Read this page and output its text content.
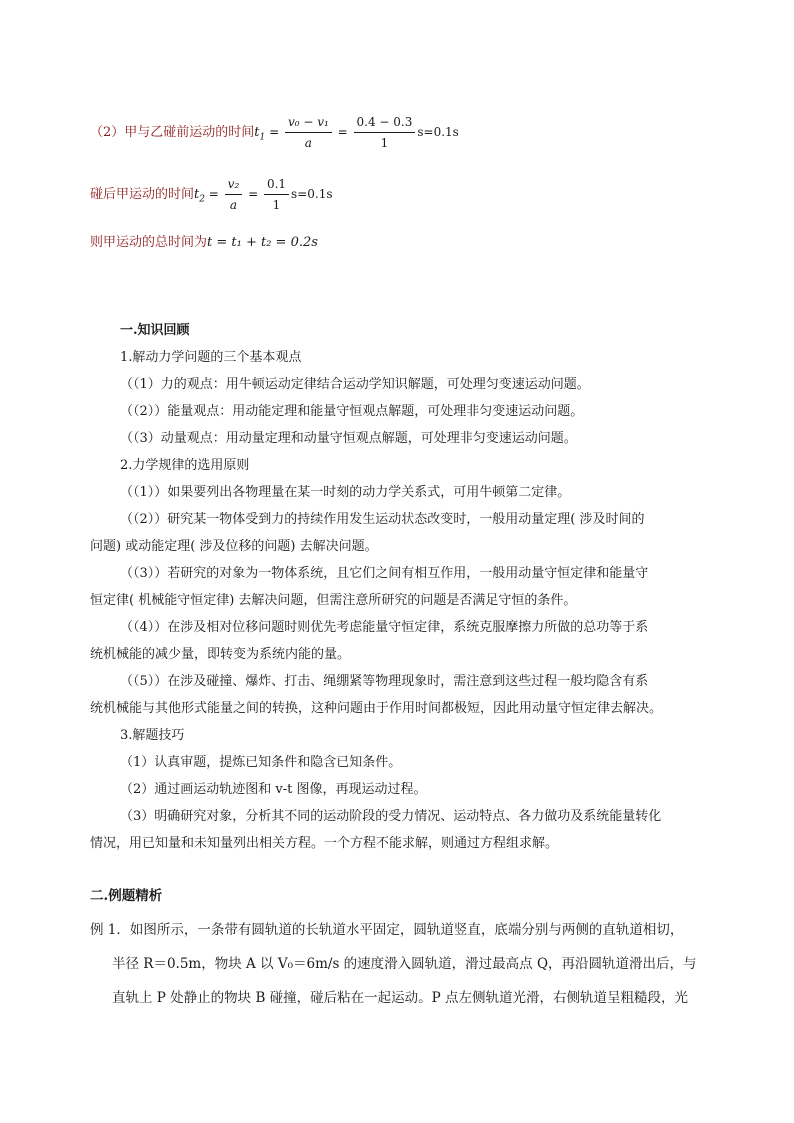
（2）甲与乙碰前运动的时间$t_1 = \frac{\text{v₀ − v₁}}{a} = \frac{0.4 - 0.3}{1} s=0.1s$
碰后甲运动的时间$t_2 = \frac{\text{v₂}}{a} = \frac{0.1}{1} s=0.1s$
则甲运动的总时间为t = t₁ + t₂ = 0.2s
一.知识回顾
1.解动力学问题的三个基本观点
（（1）力的观点：用牛顿运动定律结合运动学知识解题，可处理匀变速运动问题。
（（2））能量观点：用动能定理和能量守恒观点解题，可处理非匀变速运动问题。
（（3）动量观点：用动量定理和动量守恒观点解题，可处理非匀变速运动问题。
2.力学规律的选用原则
（（1））如果要列出各物理量在某一时刻的动力学关系式，可用牛顿第二定律。
（（2））研究某一物体受到力的持续作用发生运动状态改变时，一般用动量定理( 涉及时间的
问题) 或动能定理( 涉及位移的问题) 去解决问题。
（（3））若研究的对象为一物体系统，且它们之间有相互作用，一般用动量守恒定律和能量守
恒定律( 机械能守恒定律) 去解决问题，但需注意所研究的问题是否满足守恒的条件。
（（4））在涉及相对位移问题时则优先考虑能量守恒定律，系统克服摩擦力所做的总功等于系
统机械能的减少量，即转变为系统内能的量。
（（5））在涉及碰撞、爆炸、打击、绳绷紧等物理现象时，需注意到这些过程一般均隐含有系
统机械能与其他形式能量之间的转换，这种问题由于作用时间都极短，因此用动量守恒定律去解决。
3.解题技巧
（1）认真审题，提炼已知条件和隐含已知条件。
（2）通过画运动轨迹图和 v-t 图像，再现运动过程。
（3）明确研究对象，分析其不同的运动阶段的受力情况、运动特点、各力做功及系统能量转化
情况，用已知量和未知量列出相关方程。一个方程不能求解，则通过方程组求解。
二.例题精析
例 1．如图所示，一条带有圆轨道的长轨道水平固定，圆轨道竖直，底端分别与两侧的直轨道相切，
半径 R＝0.5m，物块 A 以 V₀＝6m/s 的速度滑入圆轨道，滑过最高点 Q，再沿圆轨道滑出后，与
直轨上 P 处静止的物块 B 碰撞，碰后粘在一起运动。P 点左侧轨道光滑，右侧轨道呈粗糙段，光
